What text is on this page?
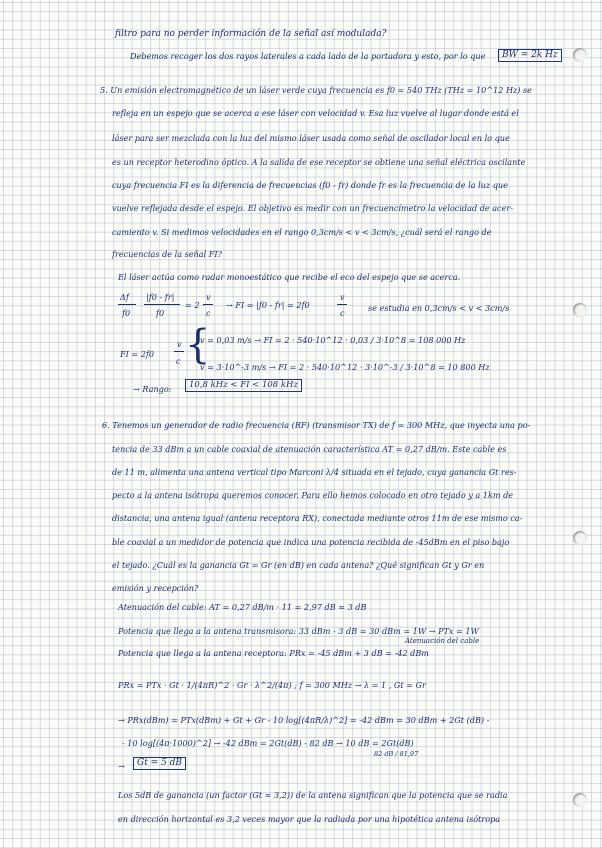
filtro para no perder información de la señal así modulada?
Debemos recoger los dos rayos laterales a cada lado de la portadora y esto, por lo que	BW = 2k Hz
5. Un emisión electromagnético de un láser verde cuya frecuencia es f0 = 540 THz (THz = 10^12 Hz) se
refleja en un espejo que se acerca a ese láser con velocidad v. Esa luz vuelve al lugar donde está el
láser para ser mezclada con la luz del mismo láser usada como señal de oscilador local en lo que
es un receptor heterodino óptico. A la salida de ese receptor se obtiene una señal eléctrica oscilante
cuya frecuencia FI es la diferencia de frecuencias (f0 - fr) donde fr es la frecuencia de la luz que
vuelve reflejada desde el espejo. El objetivo es medir con un frecuencímetro la velocidad de acer-
camiento v. Si medimos velocidades en el rango 0,3cm/s < v < 3cm/s, ¿cuál será el rango de
frecuencias de la señal FI?
El láser actúa como radar monoestático que recibe el eco del espejo que se acerca.
Δf
f0
|f0 - fr|
f0
= 2 ·
v
c
→ FI = |f0 - fr| = 2f0
v
c	se estudia en 0,3cm/s < v < 3cm/s
FI = 2f0
v
c {
v = 0,03 m/s → FI = 2 · 540·10^12 · 0,03 / 3·10^8 = 108 000 Hz
v = 3·10^-3 m/s → FI = 2 · 540·10^12 · 3·10^-3 / 3·10^8 = 10 800 Hz
→ Rango:	10,8 kHz < FI < 108 kHz
6. Tenemos un generador de radio frecuencia (RF) (transmisor TX) de f = 300 MHz, que inyecta una po-
tencia de 33 dBm a un cable coaxial de atenuación característica AT = 0,27 dB/m. Este cable es
de 11 m, alimenta una antena vertical tipo Marconi λ/4 situada en el tejado, cuya ganancia Gt res-
pecto a la antena isótropa queremos conocer. Para ello hemos colocado en otro tejado y a 1km de
distancia, una antena igual (antena receptora RX), conectada mediante otros 11m de ese mismo ca-
ble coaxial a un medidor de potencia que indica una potencia recibida de -45dBm en el piso bajo
el tejado. ¿Cuál es la ganancia Gt = Gr (en dB) en cada antena? ¿Qué significan Gt y Gr en
emisión y recepción?
Atenuación del cable: AT = 0,27 dB/m · 11 = 2,97 dB ≈ 3 dB
Potencia que llega a la antena transmisora: 33 dBm - 3 dB = 30 dBm = 1W → PTx = 1W
Potencia que llega a la antena receptora: PRx = -45 dBm + 3 dB = -42 dBm
Atenuación del cable
PRx = PTx · Gt · 1/(4πR)^2 · Gr · λ^2/(4π) ; f = 300 MHz → λ = 1 , Gt = Gr
→ PRx(dBm) = PTx(dBm) + Gt + Gr - 10 log[(4πR/λ)^2] = -42 dBm = 30 dBm + 2Gt (dB) -
- 10 log[(4π·1000)^2] → -42 dBm = 2Gt(dB) - 82 dB → 10 dB = 2Gt(dB)
82 dB / 81,97
→	Gt = 5 dB
Los 5dB de ganancia (un factor (Gt ≈ 3,2)) de la antena significan que la potencia que se radia
en dirección horizontal es 3,2 veces mayor que la radiada por una hipotética antena isótropa
